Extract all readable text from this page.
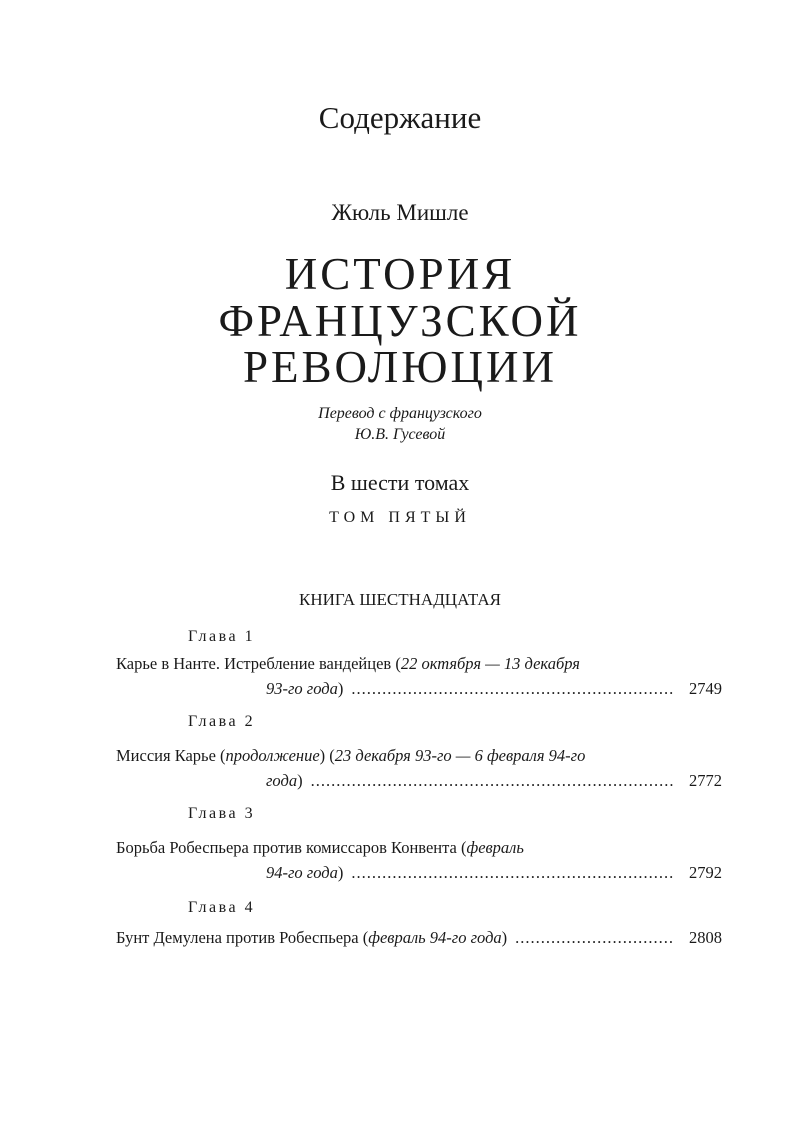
Содержание
Жюль Мишле
ИСТОРИЯ
ФРАНЦУЗСКОЙ
РЕВОЛЮЦИИ
Перевод с французского
Ю.В. Гусевой
В шести томах
ТОМ ПЯТЫЙ
КНИГА ШЕСТНАДЦАТАЯ
Глава 1
Карье в Нанте. Истребление вандейцев (22 октября — 13 декабря
93-го года) .....	2749
Глава 2
Миссия Карье (продолжение) (23 декабря 93-го — 6 февраля 94-го
года) .....	2772
Глава 3
Борьба Робеспьера против комиссаров Конвента (февраль
94-го года) .....	2792
Глава 4
Бунт Демулена против Робеспьера (февраль 94-го года) .....	2808
